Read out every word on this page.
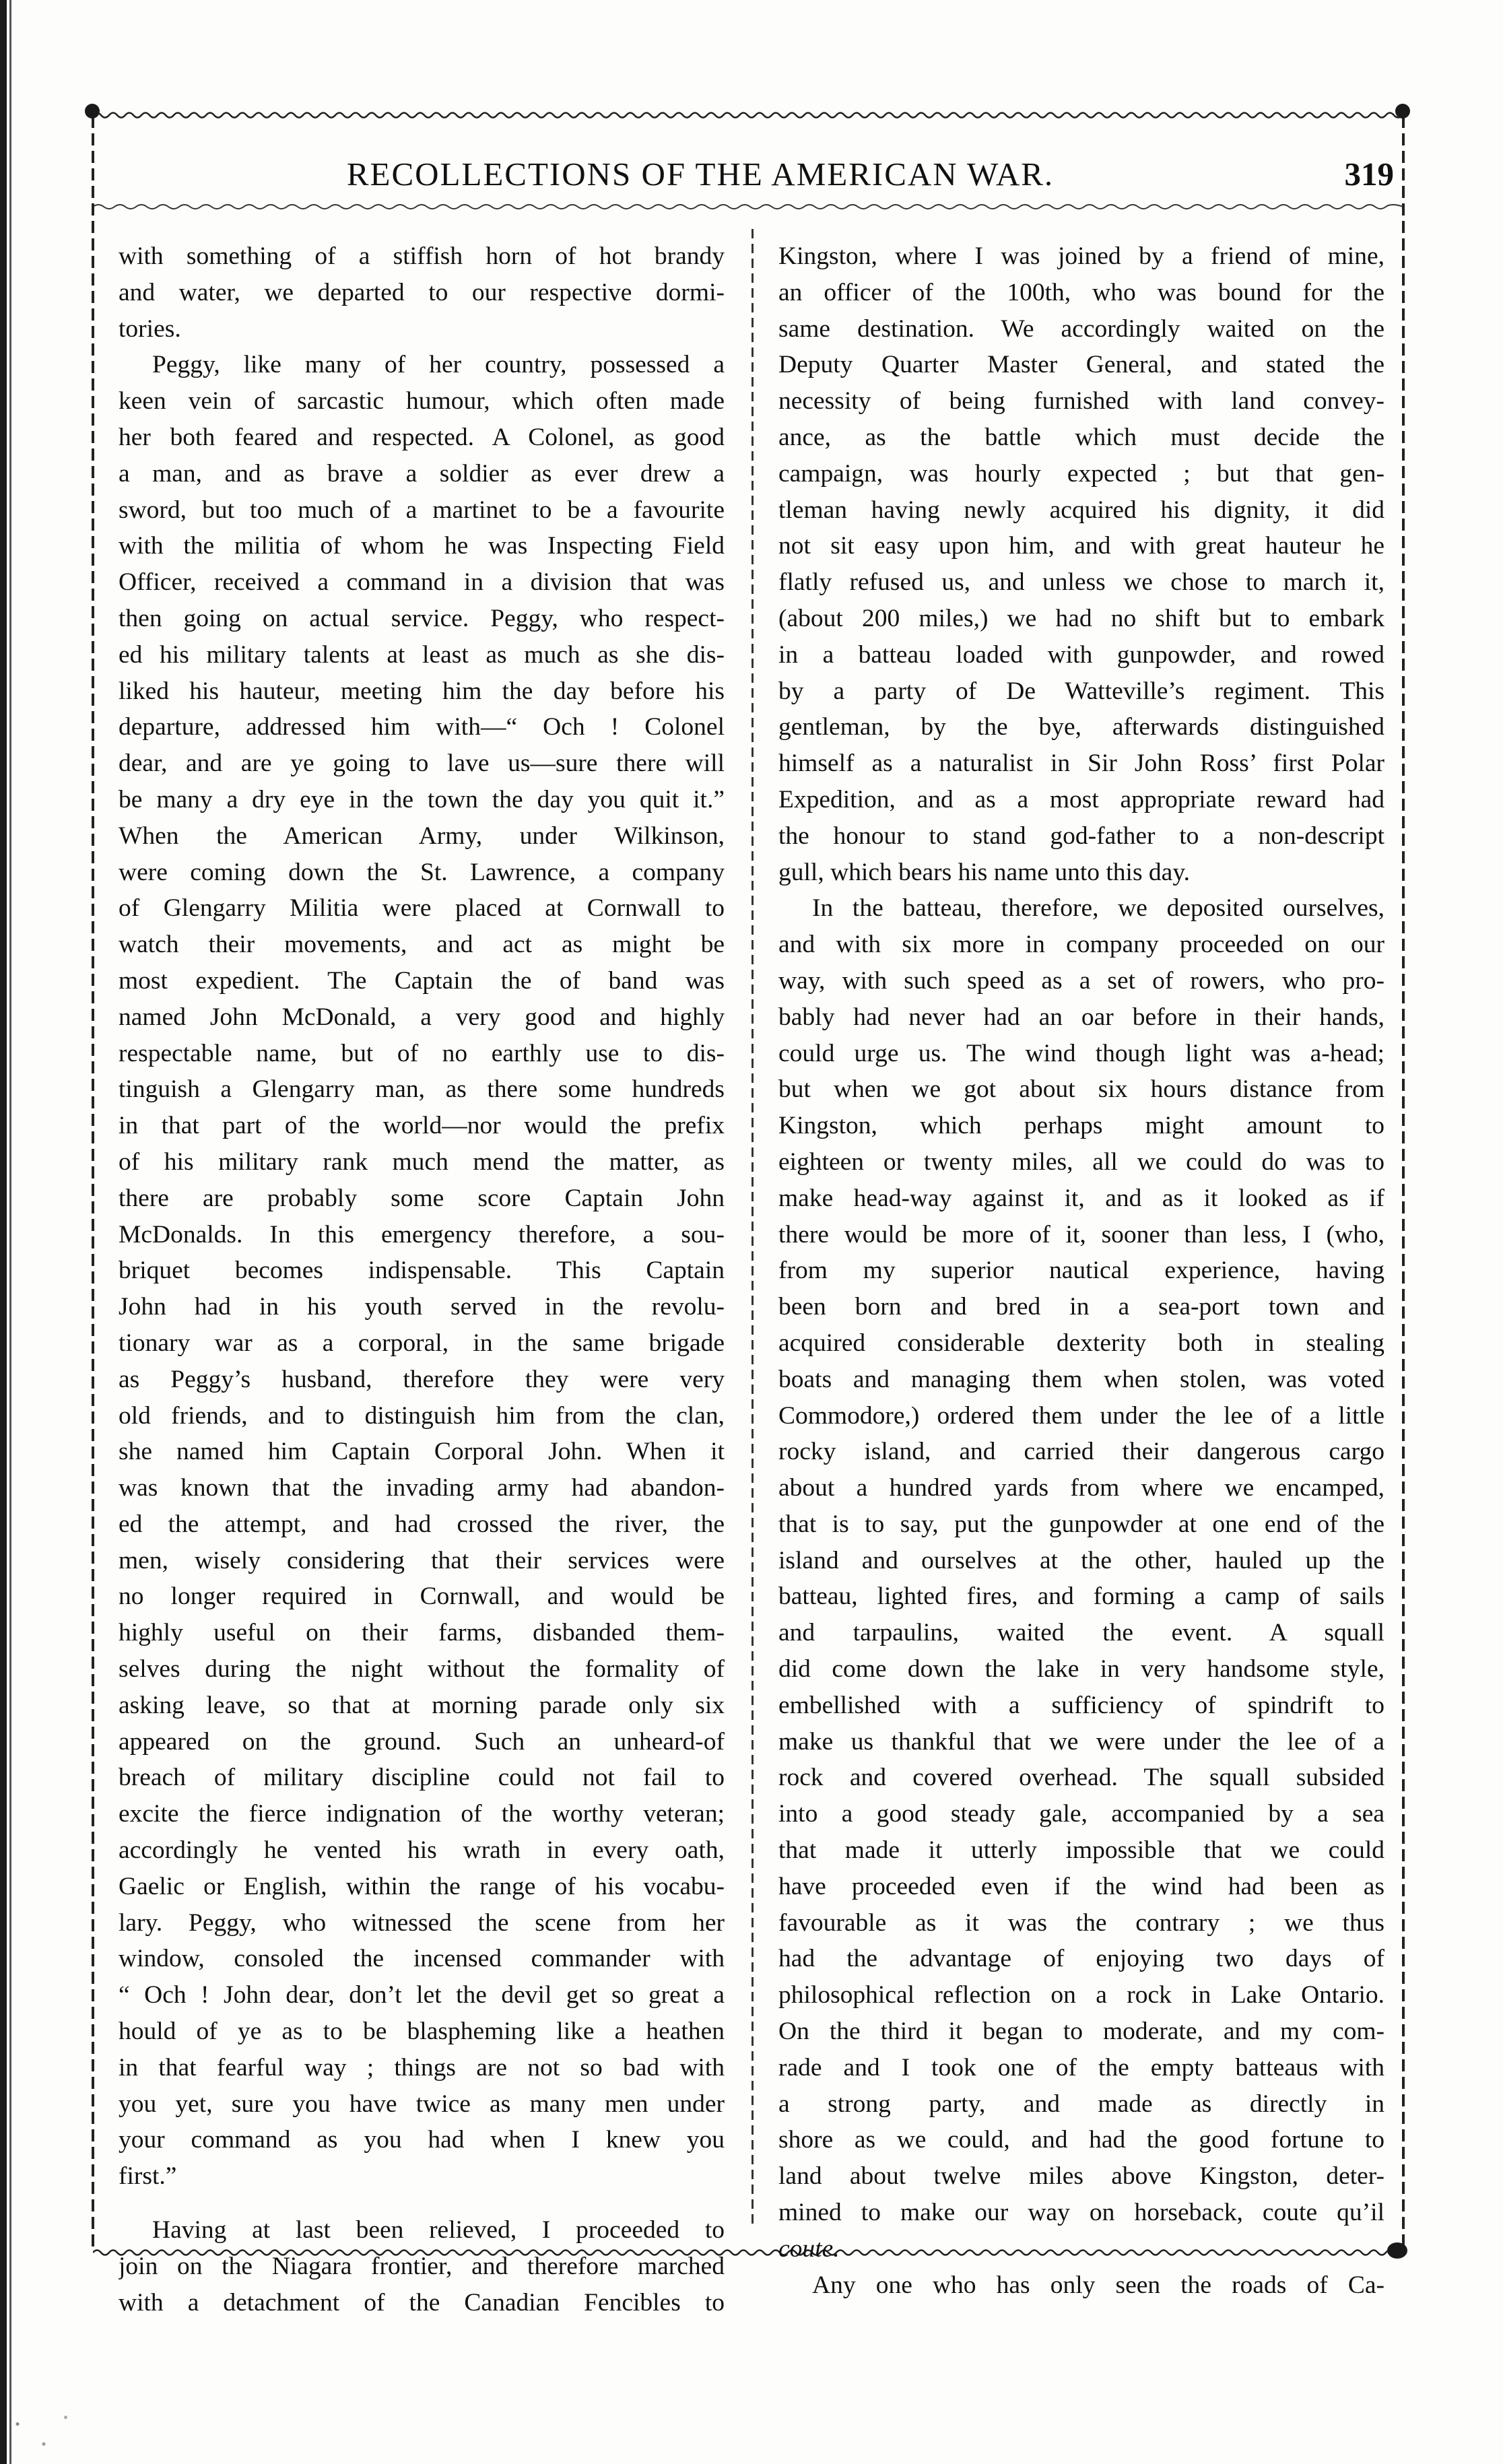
RECOLLECTIONS OF THE AMERICAN WAR.	319
with something of a stiffish horn of hot brandy
and water, we departed to our respective dormi-
tories.
Peggy, like many of her country, possessed a
keen vein of sarcastic humour, which often made
her both feared and respected. A Colonel, as good
a man, and as brave a soldier as ever drew a
sword, but too much of a martinet to be a favourite
with the militia of whom he was Inspecting Field
Officer, received a command in a division that was
then going on actual service. Peggy, who respect-
ed his military talents at least as much as she dis-
liked his hauteur, meeting him the day before his
departure, addressed him with—“ Och ! Colonel
dear, and are ye going to lave us—sure there will
be many a dry eye in the town the day you quit it.”
When the American Army, under Wilkinson,
were coming down the St. Lawrence, a company
of Glengarry Militia were placed at Cornwall to
watch their movements, and act as might be
most expedient. The Captain the of band was
named John McDonald, a very good and highly
respectable name, but of no earthly use to dis-
tinguish a Glengarry man, as there some hundreds
in that part of the world—nor would the prefix
of his military rank much mend the matter, as
there are probably some score Captain John
McDonalds. In this emergency therefore, a sou-
briquet becomes indispensable. This Captain
John had in his youth served in the revolu-
tionary war as a corporal, in the same brigade
as Peggy’s husband, therefore they were very
old friends, and to distinguish him from the clan,
she named him Captain Corporal John. When it
was known that the invading army had abandon-
ed the attempt, and had crossed the river, the
men, wisely considering that their services were
no longer required in Cornwall, and would be
highly useful on their farms, disbanded them-
selves during the night without the formality of
asking leave, so that at morning parade only six
appeared on the ground. Such an unheard-of
breach of military discipline could not fail to
excite the fierce indignation of the worthy veteran;
accordingly he vented his wrath in every oath,
Gaelic or English, within the range of his vocabu-
lary. Peggy, who witnessed the scene from her
window, consoled the incensed commander with
“ Och ! John dear, don’t let the devil get so great a
hould of ye as to be blaspheming like a heathen
in that fearful way ; things are not so bad with
you yet, sure you have twice as many men under
your command as you had when I knew you
first.”
Having at last been relieved, I proceeded to
join on the Niagara frontier, and therefore marched
with a detachment of the Canadian Fencibles to
Kingston, where I was joined by a friend of mine,
an officer of the 100th, who was bound for the
same destination. We accordingly waited on the
Deputy Quarter Master General, and stated the
necessity of being furnished with land convey-
ance, as the battle which must decide the
campaign, was hourly expected ; but that gen-
tleman having newly acquired his dignity, it did
not sit easy upon him, and with great hauteur he
flatly refused us, and unless we chose to march it,
(about 200 miles,) we had no shift but to embark
in a batteau loaded with gunpowder, and rowed
by a party of De Watteville’s regiment. This
gentleman, by the bye, afterwards distinguished
himself as a naturalist in Sir John Ross’ first Polar
Expedition, and as a most appropriate reward had
the honour to stand god-father to a non-descript
gull, which bears his name unto this day.
In the batteau, therefore, we deposited ourselves,
and with six more in company proceeded on our
way, with such speed as a set of rowers, who pro-
bably had never had an oar before in their hands,
could urge us. The wind though light was a-head;
but when we got about six hours distance from
Kingston, which perhaps might amount to
eighteen or twenty miles, all we could do was to
make head-way against it, and as it looked as if
there would be more of it, sooner than less, I (who,
from my superior nautical experience, having
been born and bred in a sea-port town and
acquired considerable dexterity both in stealing
boats and managing them when stolen, was voted
Commodore,) ordered them under the lee of a little
rocky island, and carried their dangerous cargo
about a hundred yards from where we encamped,
that is to say, put the gunpowder at one end of the
island and ourselves at the other, hauled up the
batteau, lighted fires, and forming a camp of sails
and tarpaulins, waited the event. A squall
did come down the lake in very handsome style,
embellished with a sufficiency of spindrift to
make us thankful that we were under the lee of a
rock and covered overhead. The squall subsided
into a good steady gale, accompanied by a sea
that made it utterly impossible that we could
have proceeded even if the wind had been as
favourable as it was the contrary ; we thus
had the advantage of enjoying two days of
philosophical reflection on a rock in Lake Ontario.
On the third it began to moderate, and my com-
rade and I took one of the empty batteaus with
a strong party, and made as directly in
shore as we could, and had the good fortune to
land about twelve miles above Kingston, deter-
mined to make our way on horseback, coute qu’il
coute.
Any one who has only seen the roads of Ca-
